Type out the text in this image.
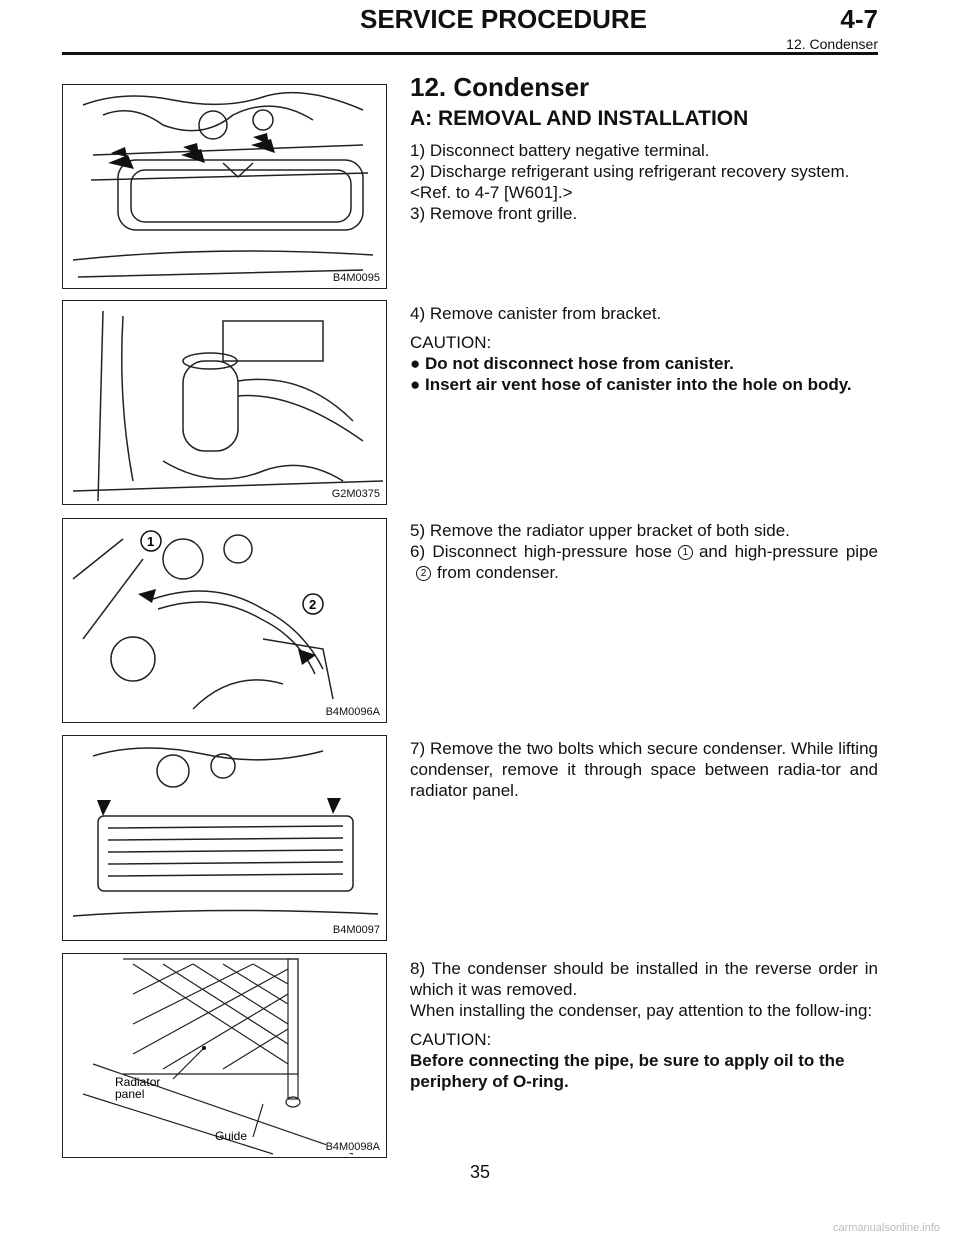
SERVICE PROCEDURE	4-7
12. Condenser
B4M0095
G2M0375
1
2
B4M0096A
B4M0097
Radiator
panel
Guide
B4M0098A
12. Condenser
A: REMOVAL AND INSTALLATION
1) Disconnect battery negative terminal.
2) Discharge refrigerant using refrigerant recovery system.
<Ref. to 4-7 [W601].>
3) Remove front grille.

4) Remove canister from bracket.

CAUTION:
● Do not disconnect hose from canister.
● Insert air vent hose of canister into the hole on body.
5) Remove the radiator upper bracket of both side.
6) Disconnect high-pressure hose 1 and high-pressure pipe2 from condenser.

7) Remove the two bolts which secure condenser. While lifting condenser, remove it through space between radia-tor and radiator panel.

8) The condenser should be installed in the reverse order in which it was removed.

When installing the condenser, pay attention to the follow-ing:

CAUTION:
Before connecting the pipe, be sure to apply oil to the periphery of O-ring.
35
carmanualsonline.info
